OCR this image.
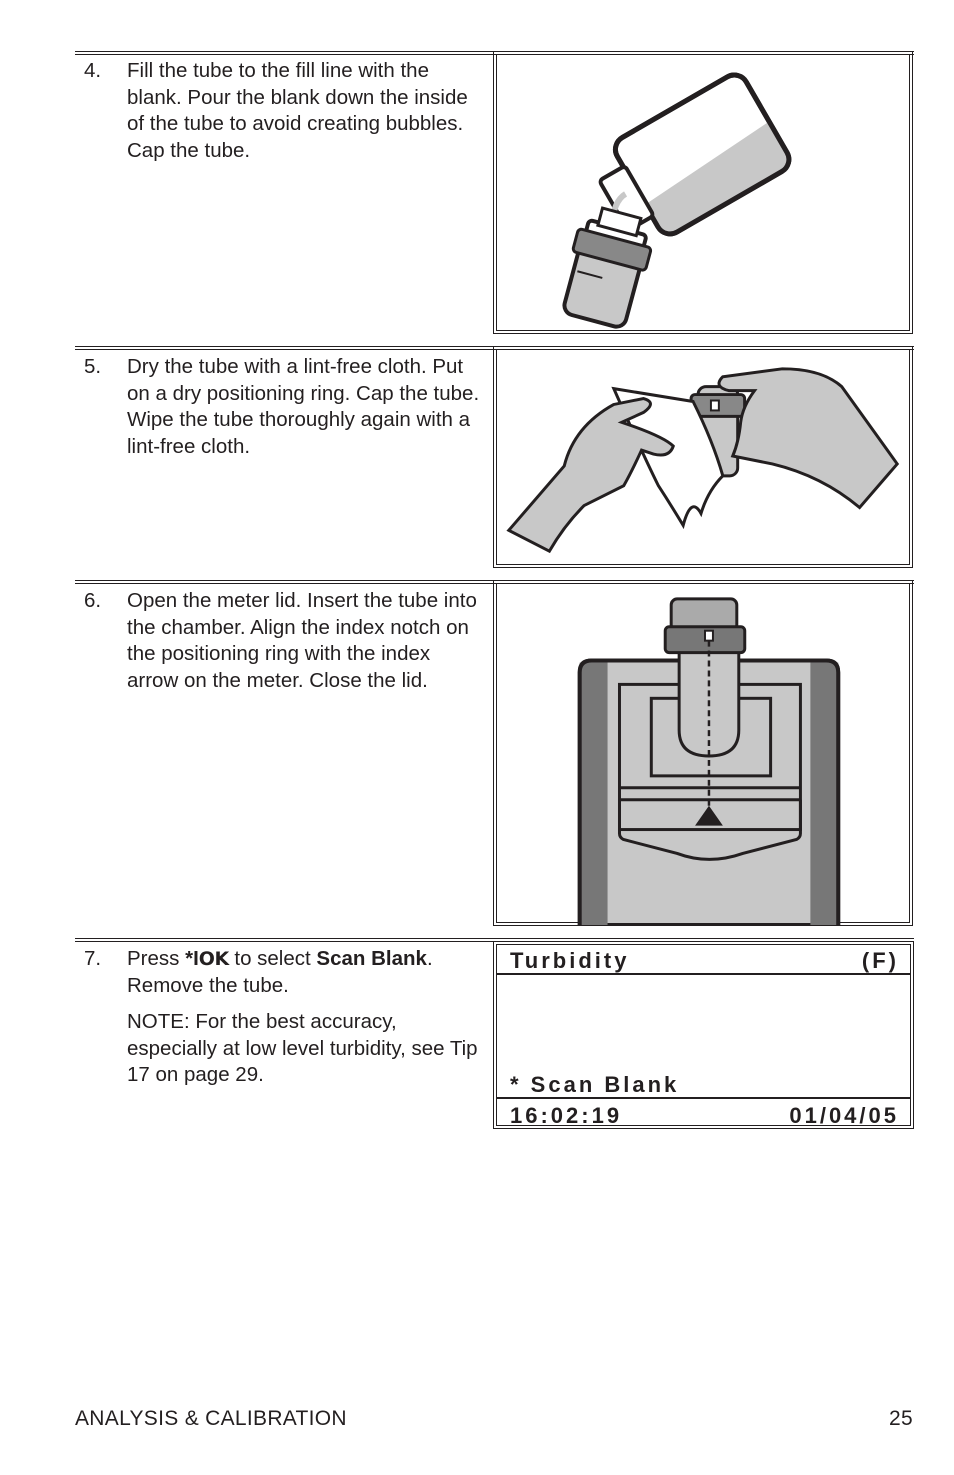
4. Fill the tube to the fill line with the blank. Pour the blank down the inside of the tube to avoid creating bubbles. Cap the tube.
5. Dry the tube with a lint-free cloth. Put on a dry positioning ring. Cap the tube. Wipe the tube thoroughly again with a lint-free cloth.
6. Open the meter lid. Insert the tube into the chamber. Align the index notch on the positioning ring with the index arrow on the meter. Close the lid.
7. Press *IOK to select Scan Blank.
Remove the tube.

NOTE: For the best accuracy, especially at low level turbidity, see Tip 17 on page 29.

Turbidity	(F)
* Scan Blank
16:02:19	01/04/05
ANALYSIS & CALIBRATION	25
